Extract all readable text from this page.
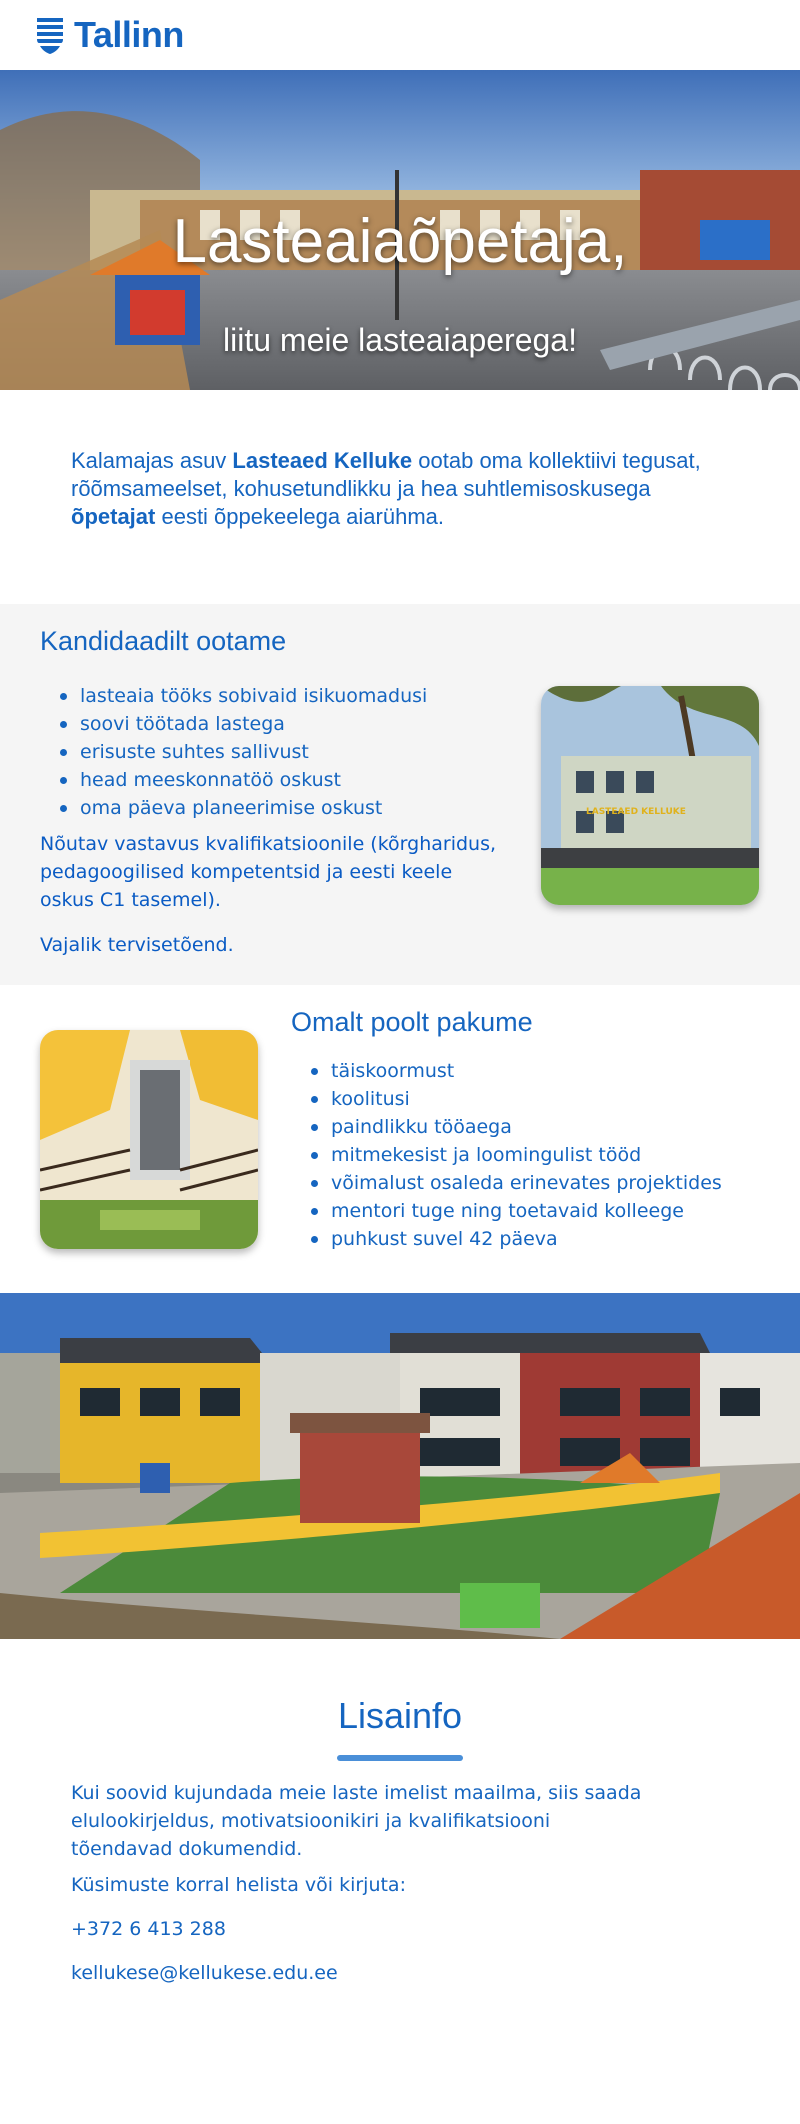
Tallinn
Lasteaiaõpetaja,
liitu meie lasteaiaperega!

Kalamajas asuv Lasteaed Kelluke ootab oma kollektiivi tegusat, rõõmsameelset, kohusetundlikku ja hea suhtlemisoskusega õpetajat eesti õppekeelega aiarühma.

Kandidaadilt ootame
lasteaia tööks sobivaid isikuomadusi
soovi töötada lastega
erisuste suhtes sallivust
head meeskonnatöö oskust
oma päeva planeerimise oskust

Nõutav vastavus kvalifikatsioonile (kõrgharidus, pedagoogilised kompetentsid ja eesti keele oskus C1 tasemel).

Vajalik tervisetõend.

LASTEAED KELLUKE
Omalt poolt pakume
täiskoormust
koolitusi
paindlikku tööaega
mitmekesist ja loomingulist tööd
võimalust osaleda erinevates projektides
mentori tuge ning toetavaid kolleege
puhkust suvel 42 päeva
Lisainfo

Kui soovid kujundada meie laste imelist maailma, siis saada elulookirjeldus, motivatsioonikiri ja kvalifikatsiooni tõendavad dokumendid.

Küsimuste korral helista või kirjuta:

+372 6 413 288

kellukese@kellukese.edu.ee
